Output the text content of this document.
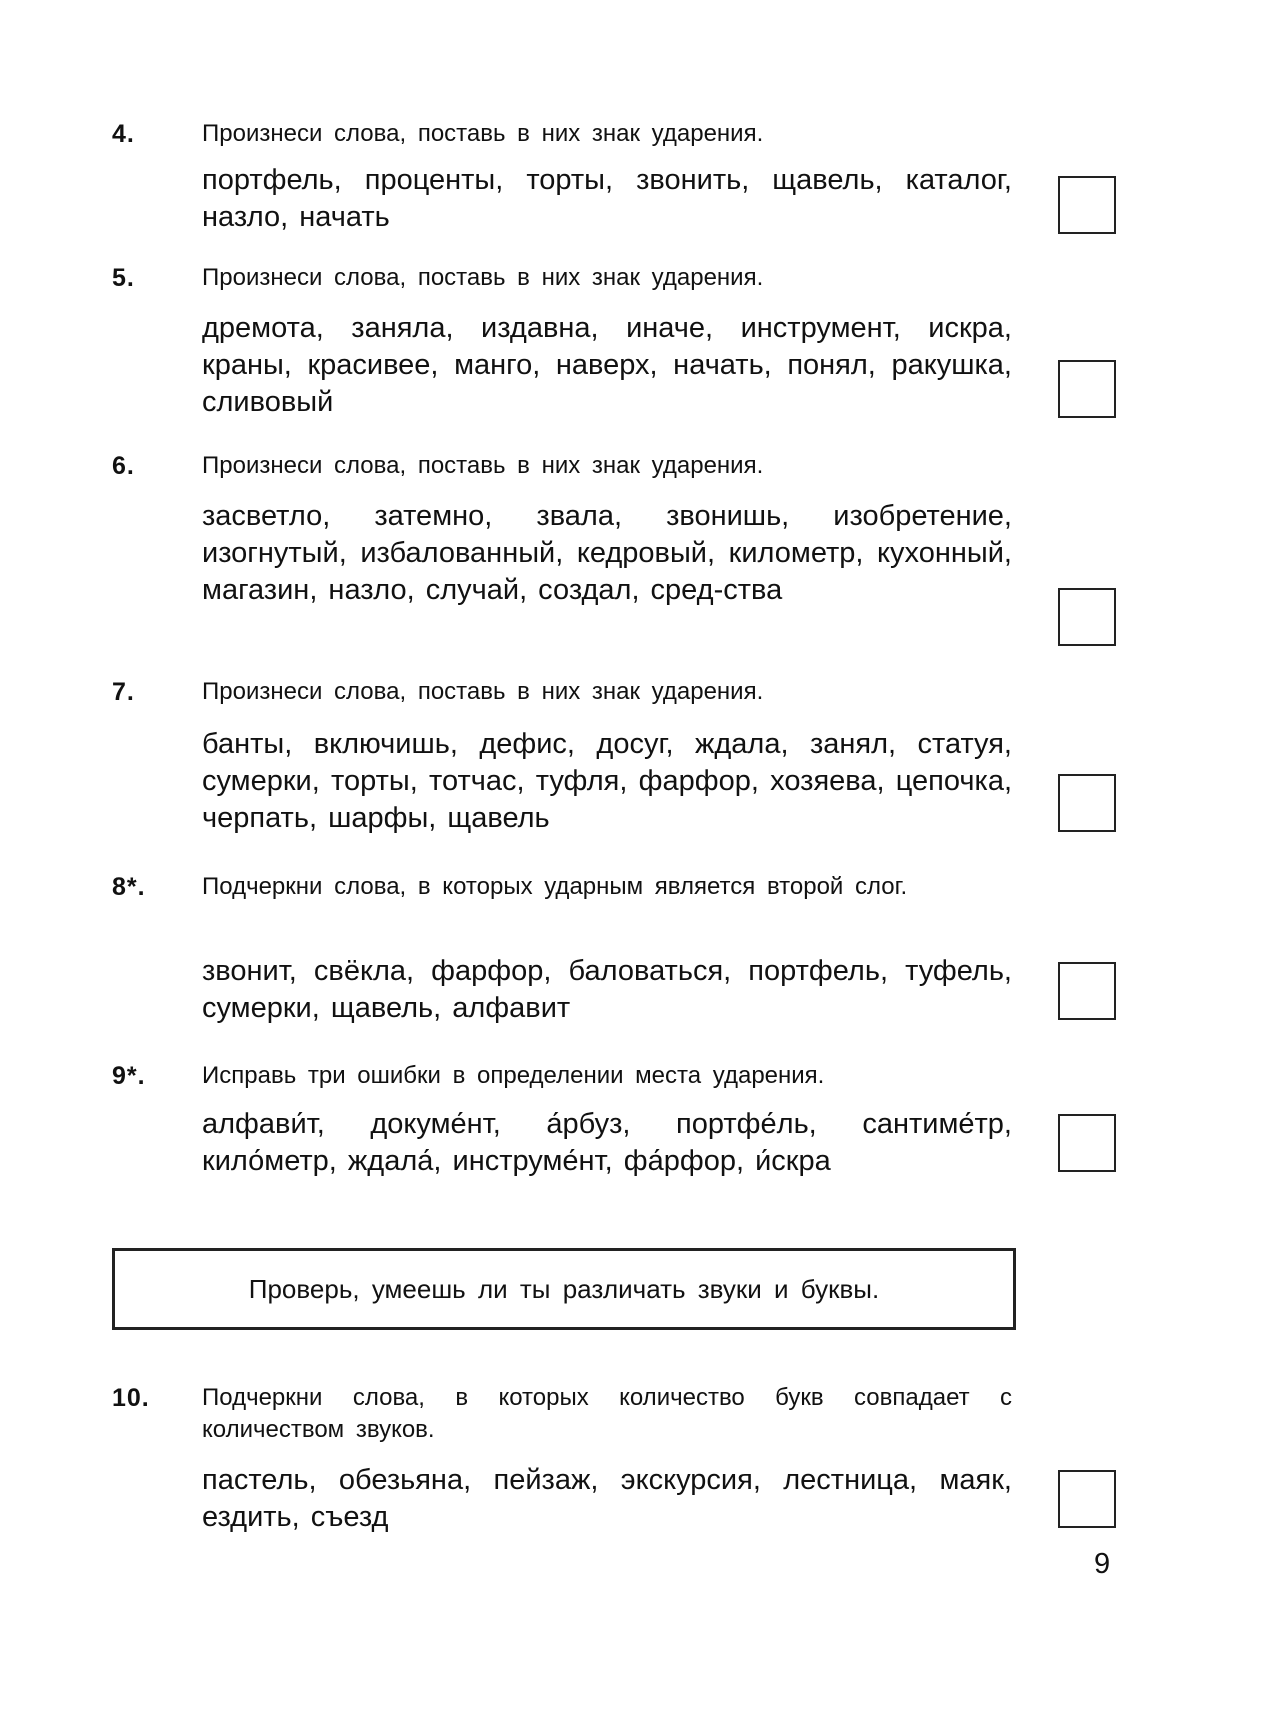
4.	Произнеси слова, поставь в них знак ударения.
портфель, проценты, торты, звонить, щавель, каталог, назло, начать
5.	Произнеси слова, поставь в них знак ударения.
дремота, заняла, издавна, иначе, инструмент, искра, краны, красивее, манго, наверх, начать, понял, ракушка, сливовый
6.	Произнеси слова, поставь в них знак ударения.
засветло, затемно, звала, звонишь, изобретение, изогнутый, избалованный, кедровый, километр, кухонный, магазин, назло, случай, создал, сред-ства
7.	Произнеси слова, поставь в них знак ударения.
банты, включишь, дефис, досуг, ждала, занял, статуя, сумерки, торты, тотчас, туфля, фарфор, хозяева, цепочка, черпать, шарфы, щавель
8*. Подчеркни слова, в которых ударным является второй слог.
звонит, свёкла, фарфор, баловаться, портфель, туфель, сумерки, щавель, алфавит
9*. Исправь три ошибки в определении места ударения.
алфави́т, докуме́нт, а́рбуз, портфе́ль, сантиме́тр, кило́метр, ждала́, инструме́нт, фа́рфор, и́скра
Проверь, умеешь ли ты различать звуки и буквы.
10. Подчеркни слова, в которых количество букв совпадает с количеством звуков.
пастель, обезьяна, пейзаж, экскурсия, лестница, маяк, ездить, съезд
9
